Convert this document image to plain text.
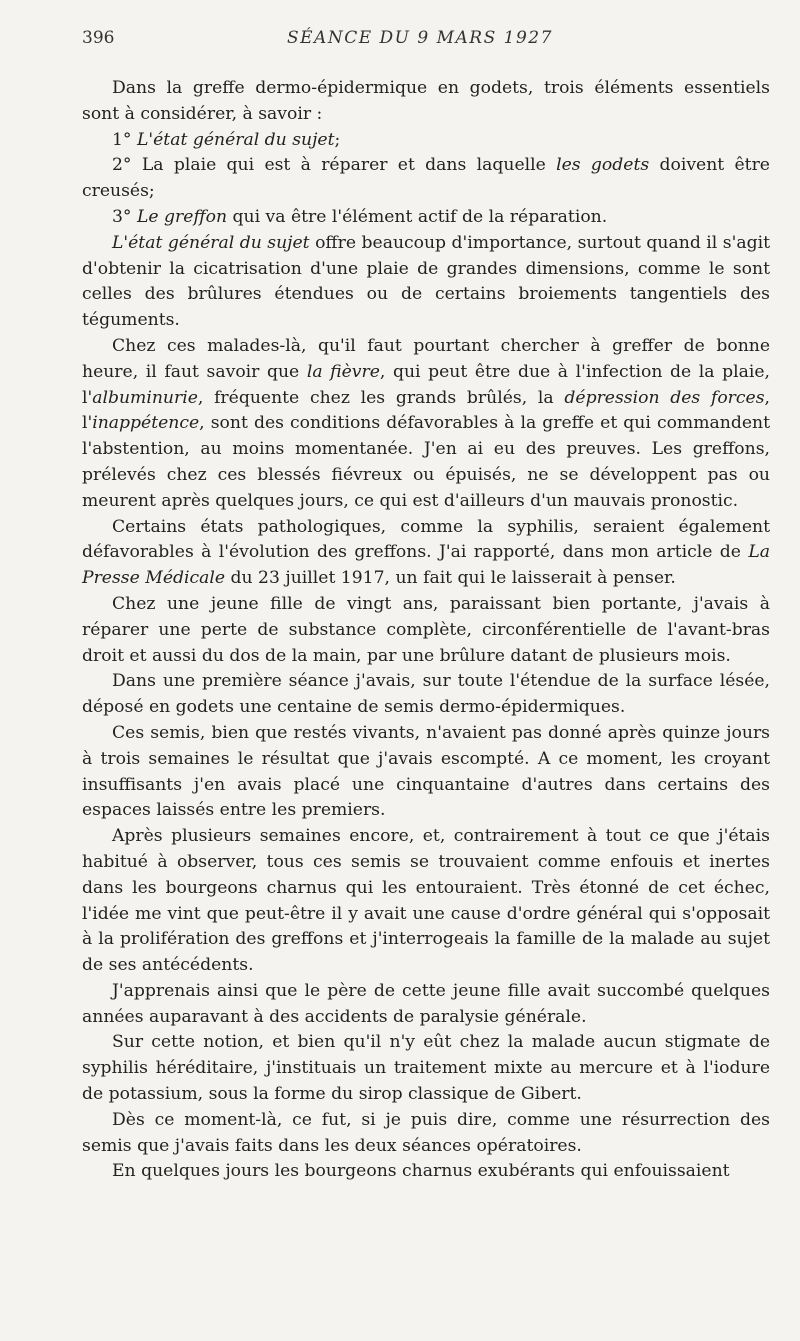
396	SÉANCE DU 9 MARS 1927

Dans la greffe dermo-épidermique en godets, trois éléments essentiels sont à considérer, à savoir :

1° L'état général du sujet;

2° La plaie qui est à réparer et dans laquelle les godets doivent être creusés;

3° Le greffon qui va être l'élément actif de la réparation.

L'état général du sujet offre beaucoup d'importance, surtout quand il s'agit d'obtenir la cicatrisation d'une plaie de grandes dimensions, comme le sont celles des brûlures étendues ou de certains broiements tangentiels des téguments.

Chez ces malades-là, qu'il faut pourtant chercher à greffer de bonne heure, il faut savoir que la fièvre, qui peut être due à l'infection de la plaie, l'albuminurie, fréquente chez les grands brûlés, la dépression des forces, l'inappétence, sont des conditions défavorables à la greffe et qui commandent l'abstention, au moins momentanée. J'en ai eu des preuves. Les greffons, prélevés chez ces blessés fiévreux ou épuisés, ne se développent pas ou meurent après quelques jours, ce qui est d'ailleurs d'un mauvais pronostic.

Certains états pathologiques, comme la syphilis, seraient également défavorables à l'évolution des greffons. J'ai rapporté, dans mon article de La Presse Médicale du 23 juillet 1917, un fait qui le laisserait à penser.

Chez une jeune fille de vingt ans, paraissant bien portante, j'avais à réparer une perte de substance complète, circonférentielle de l'avant-bras droit et aussi du dos de la main, par une brûlure datant de plusieurs mois.

Dans une première séance j'avais, sur toute l'étendue de la surface lésée, déposé en godets une centaine de semis dermo-épidermiques.

Ces semis, bien que restés vivants, n'avaient pas donné après quinze jours à trois semaines le résultat que j'avais escompté. A ce moment, les croyant insuffisants j'en avais placé une cinquantaine d'autres dans certains des espaces laissés entre les premiers.

Après plusieurs semaines encore, et, contrairement à tout ce que j'étais habitué à observer, tous ces semis se trouvaient comme enfouis et inertes dans les bourgeons charnus qui les entouraient. Très étonné de cet échec, l'idée me vint que peut-être il y avait une cause d'ordre général qui s'opposait à la prolifération des greffons et j'interrogeais la famille de la malade au sujet de ses antécédents.

J'apprenais ainsi que le père de cette jeune fille avait succombé quelques années auparavant à des accidents de paralysie générale.

Sur cette notion, et bien qu'il n'y eût chez la malade aucun stigmate de syphilis héréditaire, j'instituais un traitement mixte au mercure et à l'iodure de potassium, sous la forme du sirop classique de Gibert.

Dès ce moment-là, ce fut, si je puis dire, comme une résurrection des semis que j'avais faits dans les deux séances opératoires.

En quelques jours les bourgeons charnus exubérants qui enfouissaient
